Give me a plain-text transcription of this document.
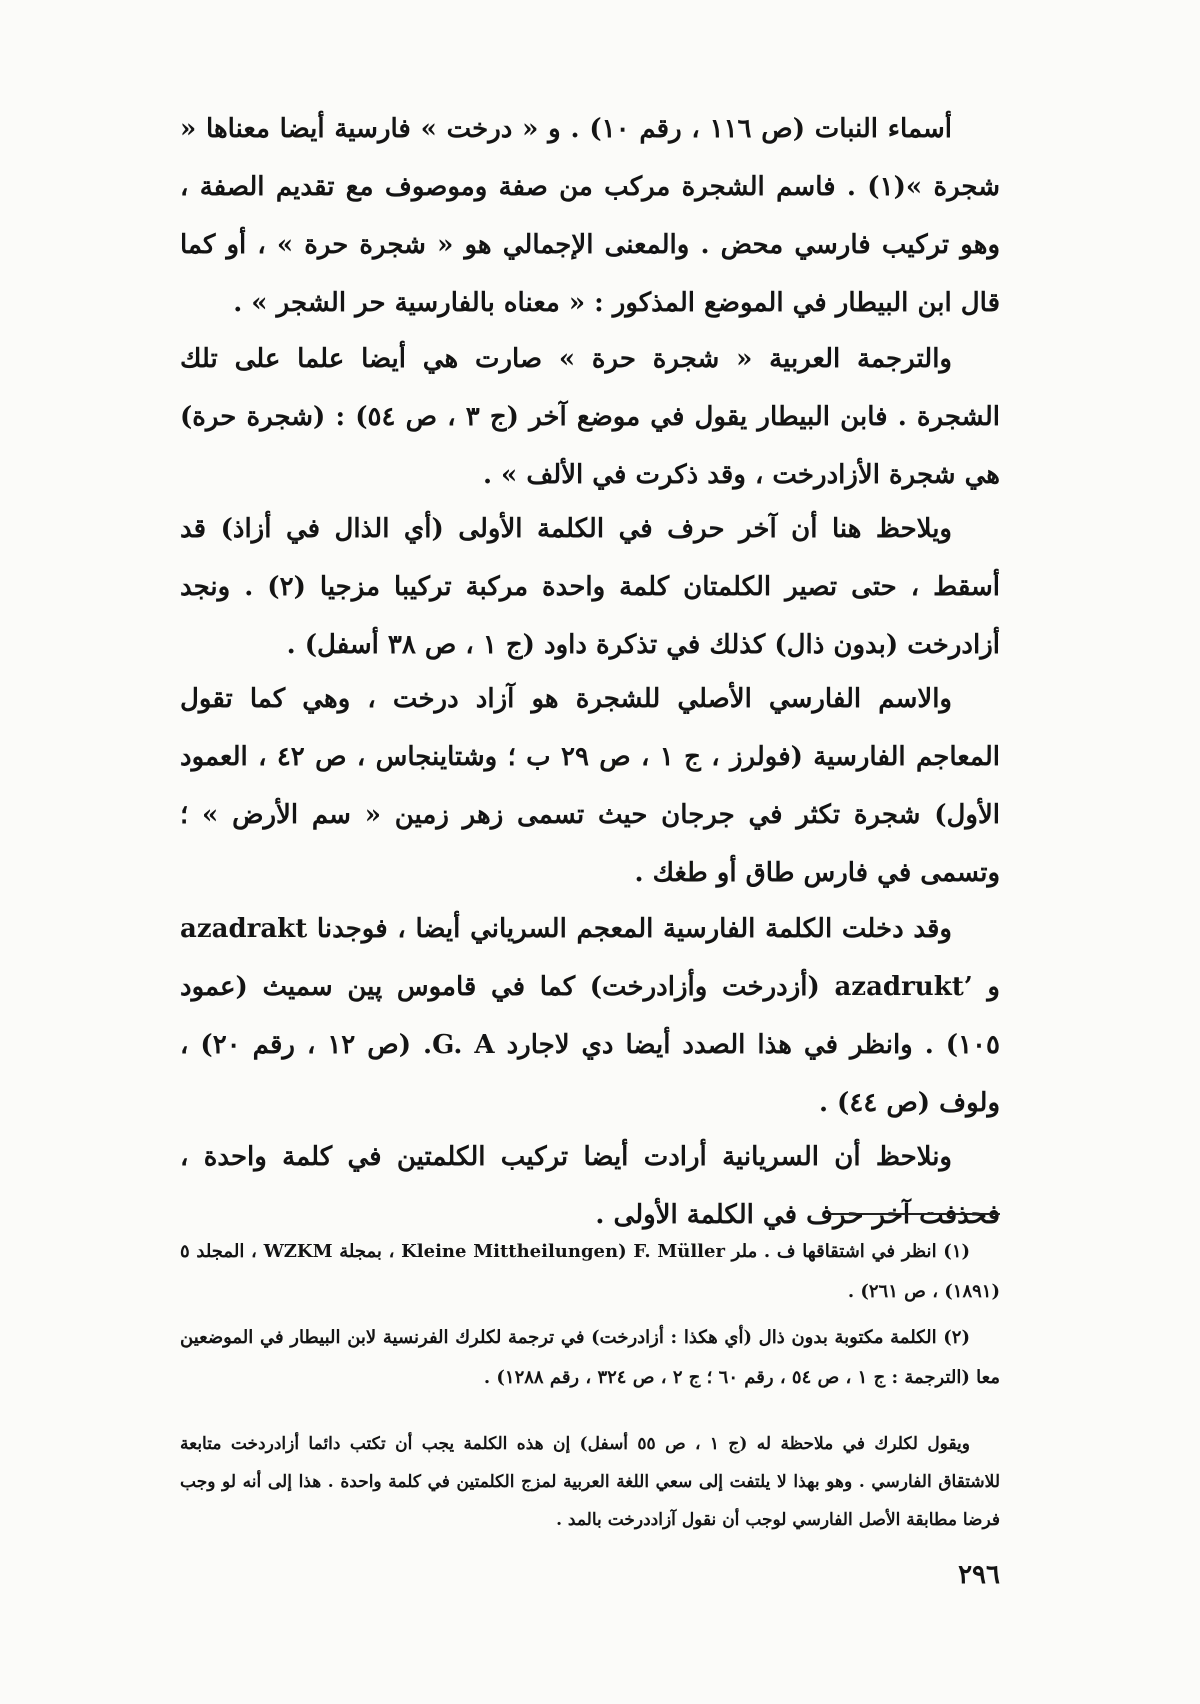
أسماء النبات (ص ١١٦ ، رقم ١٠) . و « درخت » فارسية أيضا معناها « شجرة »(١) . فاسم الشجرة مركب من صفة وموصوف مع تقديم الصفة ، وهو تركيب فارسي محض . والمعنى الإجمالي هو « شجرة حرة » ، أو كما قال ابن البيطار في الموضع المذكور : « معناه بالفارسية حر الشجر » .

والترجمة العربية « شجرة حرة » صارت هي أيضا علما على تلك الشجرة . فابن البيطار يقول في موضع آخر (ج ٣ ، ص ٥٤) : (شجرة حرة) هي شجرة الأزادرخت ، وقد ذكرت في الألف » .

ويلاحظ هنا أن آخر حرف في الكلمة الأولى (أي الذال في أزاذ) قد أسقط ، حتى تصير الكلمتان كلمة واحدة مركبة تركيبا مزجيا (٢) . ونجد أزادرخت (بدون ذال) كذلك في تذكرة داود (ج ١ ، ص ٣٨ أسفل) .

والاسم الفارسي الأصلي للشجرة هو آزاد درخت ، وهي كما تقول المعاجم الفارسية (فولرز ، ج ١ ، ص ٢٩ ب ؛ وشتاينجاس ، ص ٤٢ ، العمود الأول) شجرة تكثر في جرجان حيث تسمى زهر زمين « سم الأرض » ؛ وتسمى في فارس طاق أو طغك .

وقد دخلت الكلمة الفارسية المعجم السرياني أيضا ، فوجدنا azadrakt و ’azadrukt (أزدرخت وأزادرخت) كما في قاموس پين سميث (عمود ١٠٥) . وانظر في هذا الصدد أيضا دي لاجارد G. A. (ص ١٢ ، رقم ٢٠) ، ولوف (ص ٤٤) .

ونلاحظ أن السريانية أرادت أيضا تركيب الكلمتين في كلمة واحدة ، فحذفت آخر حرف في الكلمة الأولى .

(١) انظر في اشتقاقها ف . ملر F. Müller (Kleine Mittheilungen ، بمجلة WZKM ، المجلد ٥ (١٨٩١) ، ص ٢٦١) .

(٢) الكلمة مكتوبة بدون ذال (أي هكذا : أزادرخت) في ترجمة لكلرك الفرنسية لابن البيطار في الموضعين معا (الترجمة : ج ١ ، ص ٥٤ ، رقم ٦٠ ؛ ج ٢ ، ص ٣٢٤ ، رقم ١٢٨٨) .

ويقول لكلرك في ملاحظة له (ج ١ ، ص ٥٥ أسفل) إن هذه الكلمة يجب أن تكتب دائما أزادردخت متابعة للاشتقاق الفارسي . وهو بهذا لا يلتفت إلى سعي اللغة العربية لمزج الكلمتين في كلمة واحدة . هذا إلى أنه لو وجب فرضا مطابقة الأصل الفارسي لوجب أن نقول آزاددرخت بالمد .

٢٩٦
